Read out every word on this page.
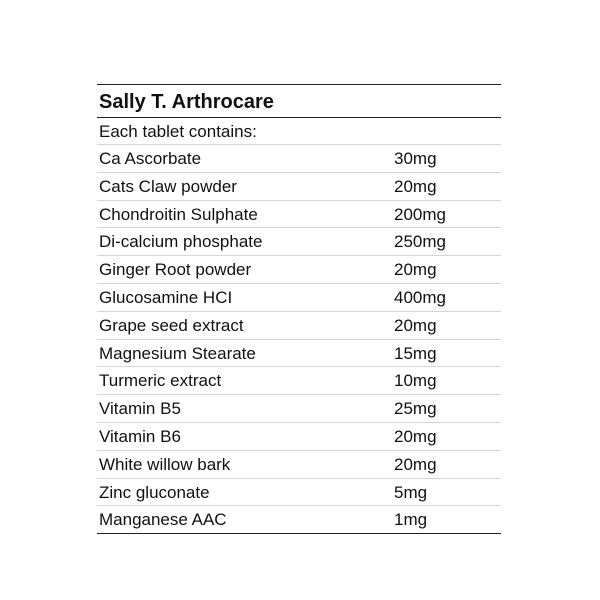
Sally T. Arthrocare
Each tablet contains:
Ca Ascorbate	30mg
Cats Claw powder	20mg
Chondroitin Sulphate	200mg
Di-calcium phosphate	250mg
Ginger Root powder	20mg
Glucosamine HCI	400mg
Grape seed extract	20mg
Magnesium Stearate	15mg
Turmeric extract	10mg
Vitamin B5	25mg
Vitamin B6	20mg
White willow bark	20mg
Zinc gluconate	5mg
Manganese AAC	1mg
